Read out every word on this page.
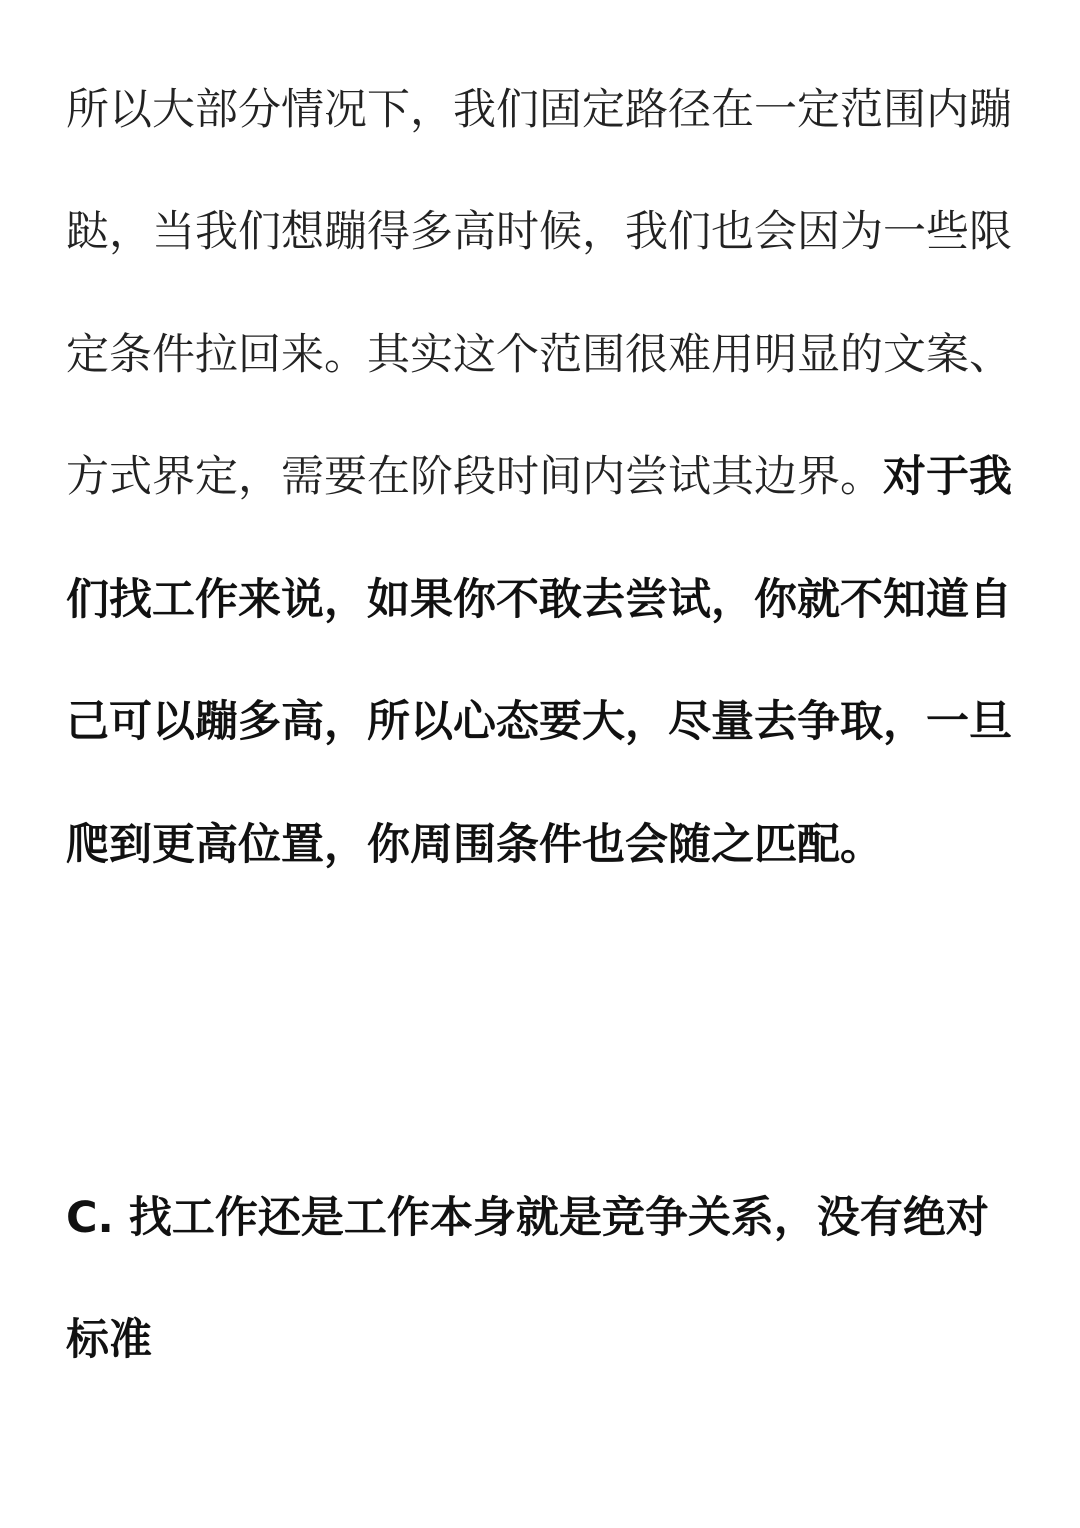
所以大部分情况下，我们固定路径在一定范围内蹦
跶，当我们想蹦得多高时候，我们也会因为一些限
定条件拉回来。其实这个范围很难用明显的文案、
方式界定，需要在阶段时间内尝试其边界。对于我
们找工作来说，如果你不敢去尝试，你就不知道自
己可以蹦多高，所以心态要大，尽量去争取，一旦
爬到更高位置，你周围条件也会随之匹配。
C. 找工作还是工作本身就是竞争关系，没有绝对
标准
